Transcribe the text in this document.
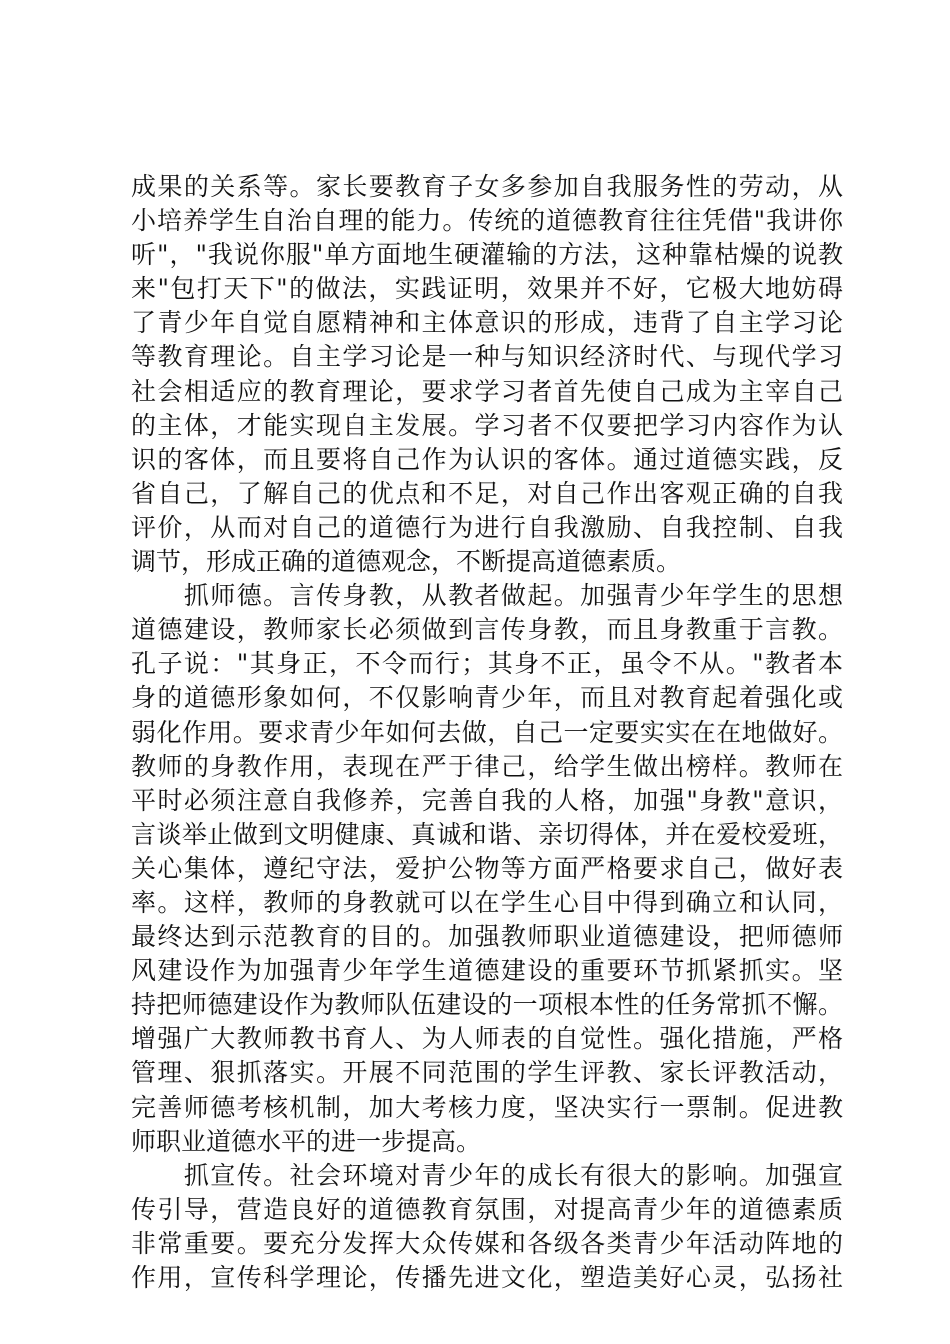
成果的关系等。家长要教育子女多参加自我服务性的劳动，从
小培养学生自治自理的能力。传统的道德教育往往凭借"我讲你
听"，"我说你服"单方面地生硬灌输的方法，这种靠枯燥的说教
来"包打天下"的做法，实践证明，效果并不好，它极大地妨碍
了青少年自觉自愿精神和主体意识的形成，违背了自主学习论
等教育理论。自主学习论是一种与知识经济时代、与现代学习
社会相适应的教育理论，要求学习者首先使自己成为主宰自己
的主体，才能实现自主发展。学习者不仅要把学习内容作为认
识的客体，而且要将自己作为认识的客体。通过道德实践，反
省自己，了解自己的优点和不足，对自己作出客观正确的自我
评价，从而对自己的道德行为进行自我激励、自我控制、自我
调节，形成正确的道德观念，不断提高道德素质。
　　抓师德。言传身教，从教者做起。加强青少年学生的思想
道德建设，教师家长必须做到言传身教，而且身教重于言教。
孔子说："其身正，不令而行；其身不正，虽令不从。"教者本
身的道德形象如何，不仅影响青少年，而且对教育起着强化或
弱化作用。要求青少年如何去做，自己一定要实实在在地做好。
教师的身教作用，表现在严于律己，给学生做出榜样。教师在
平时必须注意自我修养，完善自我的人格，加强"身教"意识，
言谈举止做到文明健康、真诚和谐、亲切得体，并在爱校爱班，
关心集体，遵纪守法，爱护公物等方面严格要求自己，做好表
率。这样，教师的身教就可以在学生心目中得到确立和认同，
最终达到示范教育的目的。加强教师职业道德建设，把师德师
风建设作为加强青少年学生道德建设的重要环节抓紧抓实。坚
持把师德建设作为教师队伍建设的一项根本性的任务常抓不懈。
增强广大教师教书育人、为人师表的自觉性。强化措施，严格
管理、狠抓落实。开展不同范围的学生评教、家长评教活动，
完善师德考核机制，加大考核力度，坚决实行一票制。促进教
师职业道德水平的进一步提高。
　　抓宣传。社会环境对青少年的成长有很大的影响。加强宣
传引导，营造良好的道德教育氛围，对提高青少年的道德素质
非常重要。要充分发挥大众传媒和各级各类青少年活动阵地的
作用，宣传科学理论，传播先进文化，塑造美好心灵，弘扬社
